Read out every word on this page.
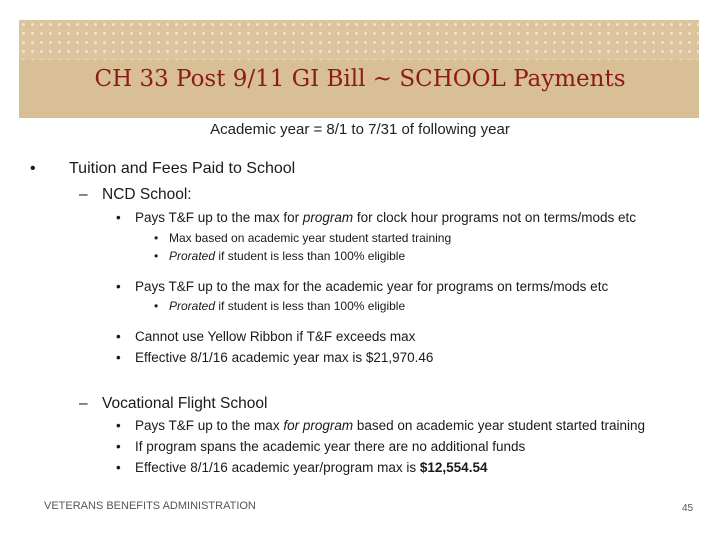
CH 33 Post 9/11 GI Bill ~ SCHOOL Payments
Academic year = 8/1 to 7/31 of following year
• Tuition and Fees Paid to School
– NCD School:
• Pays T&F up to the max for program for clock hour programs not on terms/mods etc
• Max based on academic year student started training
• Prorated if student is less than 100% eligible
• Pays T&F up to the max for the academic year for programs on terms/mods etc
• Prorated if student is less than 100% eligible
• Cannot use Yellow Ribbon if T&F exceeds max
• Effective 8/1/16 academic year max is $21,970.46
– Vocational Flight School
• Pays T&F up to the max for program based on academic year student started training
• If program spans the academic year there are no additional funds
• Effective 8/1/16 academic year/program max is $12,554.54
VETERANS BENEFITS ADMINISTRATION	45
